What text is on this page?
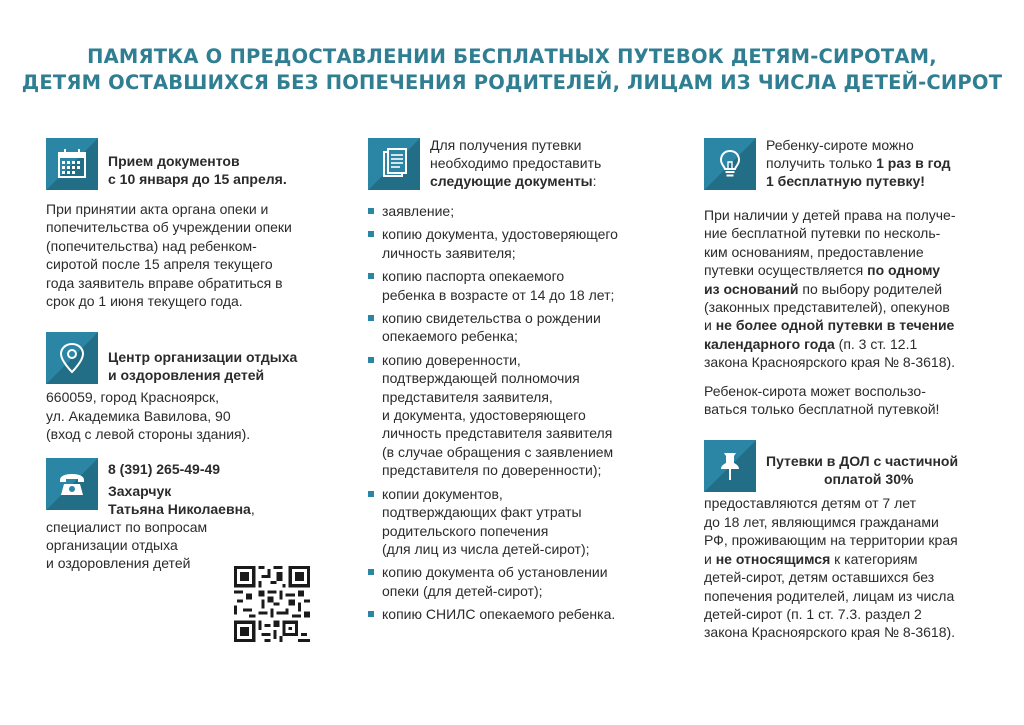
ПАМЯТКА О ПРЕДОСТАВЛЕНИИ БЕСПЛАТНЫХ ПУТЕВОК ДЕТЯМ-СИРОТАМ,
ДЕТЯМ ОСТАВШИХСЯ БЕЗ ПОПЕЧЕНИЯ РОДИТЕЛЕЙ, ЛИЦАМ ИЗ ЧИСЛА ДЕТЕЙ-СИРОТ
Прием документов
с 10 января до 15 апреля.
При принятии акта органа опеки и
попечительства об учреждении опеки
(попечительства) над ребенком-
сиротой после 15 апреля текущего
года заявитель вправе обратиться в
срок до 1 июня текущего года.
Центр организации отдыха
и оздоровления детей
660059, город Красноярск,
ул. Академика Вавилова, 90
(вход с левой стороны здания).
8 (391) 265-49-49
Захарчук
Татьяна Николаевна,
специалист по вопросам
организации отдыха
и оздоровления детей
Для получения путевки
необходимо предоставить
следующие документы:
заявление;
копию документа, удостоверяющего
личность заявителя;
копию паспорта опекаемого
ребенка в возрасте от 14 до 18 лет;
копию свидетельства о рождении
опекаемого ребенка;
копию доверенности,
подтверждающей полномочия
представителя заявителя,
и документа, удостоверяющего
личность представителя заявителя
(в случае обращения с заявлением
представителя по доверенности);
копии документов,
подтверждающих факт утраты
родительского попечения
(для лиц из числа детей-сирот);
копию документа об установлении
опеки (для детей-сирот);
копию СНИЛС опекаемого ребенка.
Ребенку-сироте можно
получить только 1 раз в год
1 бесплатную путевку!
При наличии у детей права на получе-
ние бесплатной путевки по несколь-
ким основаниям, предоставление
путевки осуществляется по одному
из оснований по выбору родителей
(законных представителей), опекунов
и не более одной путевки в течение
календарного года (п. 3 ст. 12.1
закона Красноярского края № 8-3618).
Ребенок-сирота может воспользо-
ваться только бесплатной путевкой!
Путевки в ДОЛ с частичной
оплатой 30%
предоставляются детям от 7 лет
до 18 лет, являющимся гражданами
РФ, проживающим на территории края
и не относящимся к категориям
детей-сирот, детям оставшихся без
попечения родителей, лицам из числа
детей-сирот (п. 1 ст. 7.3. раздел 2
закона Красноярского края № 8-3618).
